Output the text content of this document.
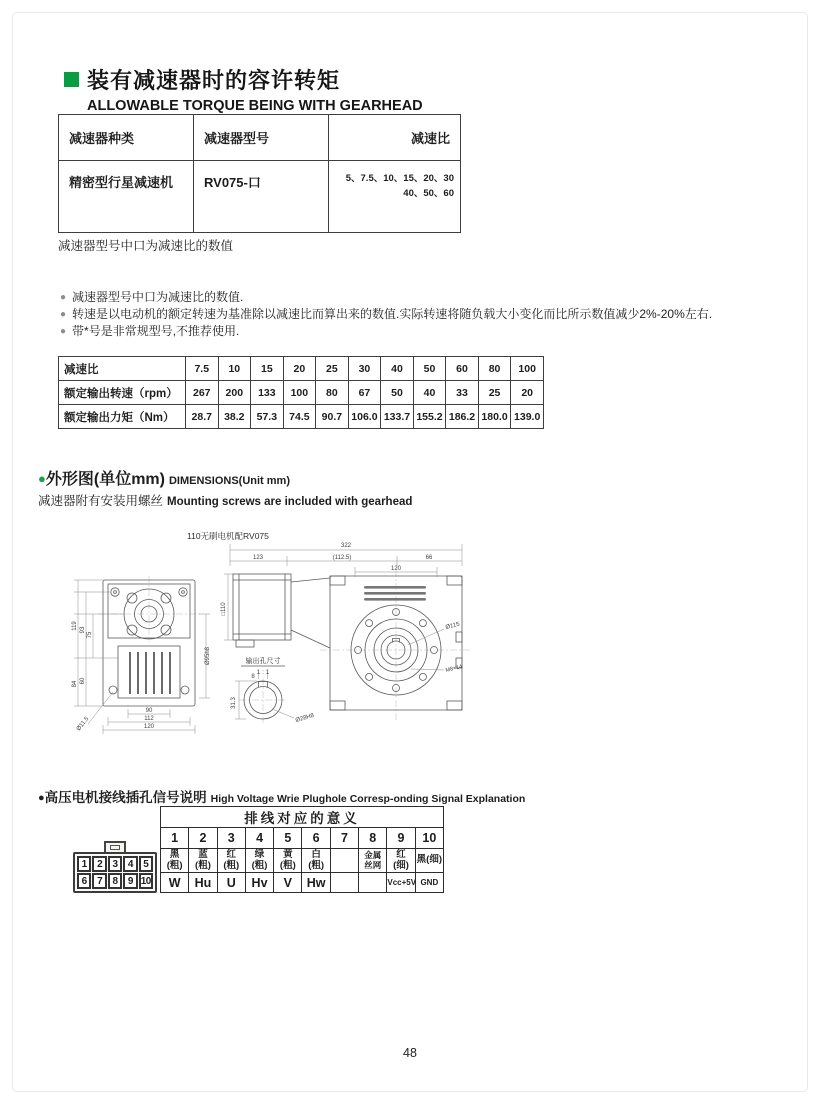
装有减速器时的容许转矩
ALLOWABLE TORQUE BEING WITH GEARHEAD
减速器种类	减速器型号	减速比
精密型行星减速机	RV075-口	5、7.5、10、15、20、30
40、50、60
减速器型号中口为减速比的数值
● 减速器型号中口为减速比的数值.
● 转速是以电动机的额定转速为基准除以减速比而算出来的数值.实际转速将随负载大小变化而比所示数值减少2%-20%左右.
● 带*号是非常规型号,不推荐使用.
减速比	7.5	10	15	20	25	30	40	50	60	80	100
额定输出转速（rpm）	267	200	133	100	80	67	50	40	33	25	20
额定输出力矩（Nm）	28.7	38.2	57.3	74.5	90.7	106.0	133.7	155.2	186.2	180.0	139.0
●外形图(单位mm) DIMENSIONS(Unit mm)
减速器附有安装用螺丝 Mounting screws are included with gearhead
110无刷电机配RV075
322
123	(112.5)	66
120
□110
119 93
75
60
84
Ø95h8
Ø11.5
90
112
120
输出孔尺寸
1 : 1
8
31.3
Ø28H8
Ø115
M8×14
●高压电机接线插孔信号说明 High Voltage Wrie Plughole Corresp-onding Signal Explanation
1	2	3	4	5
6	7	8	9 10
排线对应的意义									
1	2	3	4	5	6	7	8	9	10
黑(粗)	蓝(粗)	红(粗)	绿(粗)	黄(粗)	白(粗)		金属丝网	红(细)	黑(细)
W	Hu	U	Hv	V	Hw			Vcc+5V	GND
48
